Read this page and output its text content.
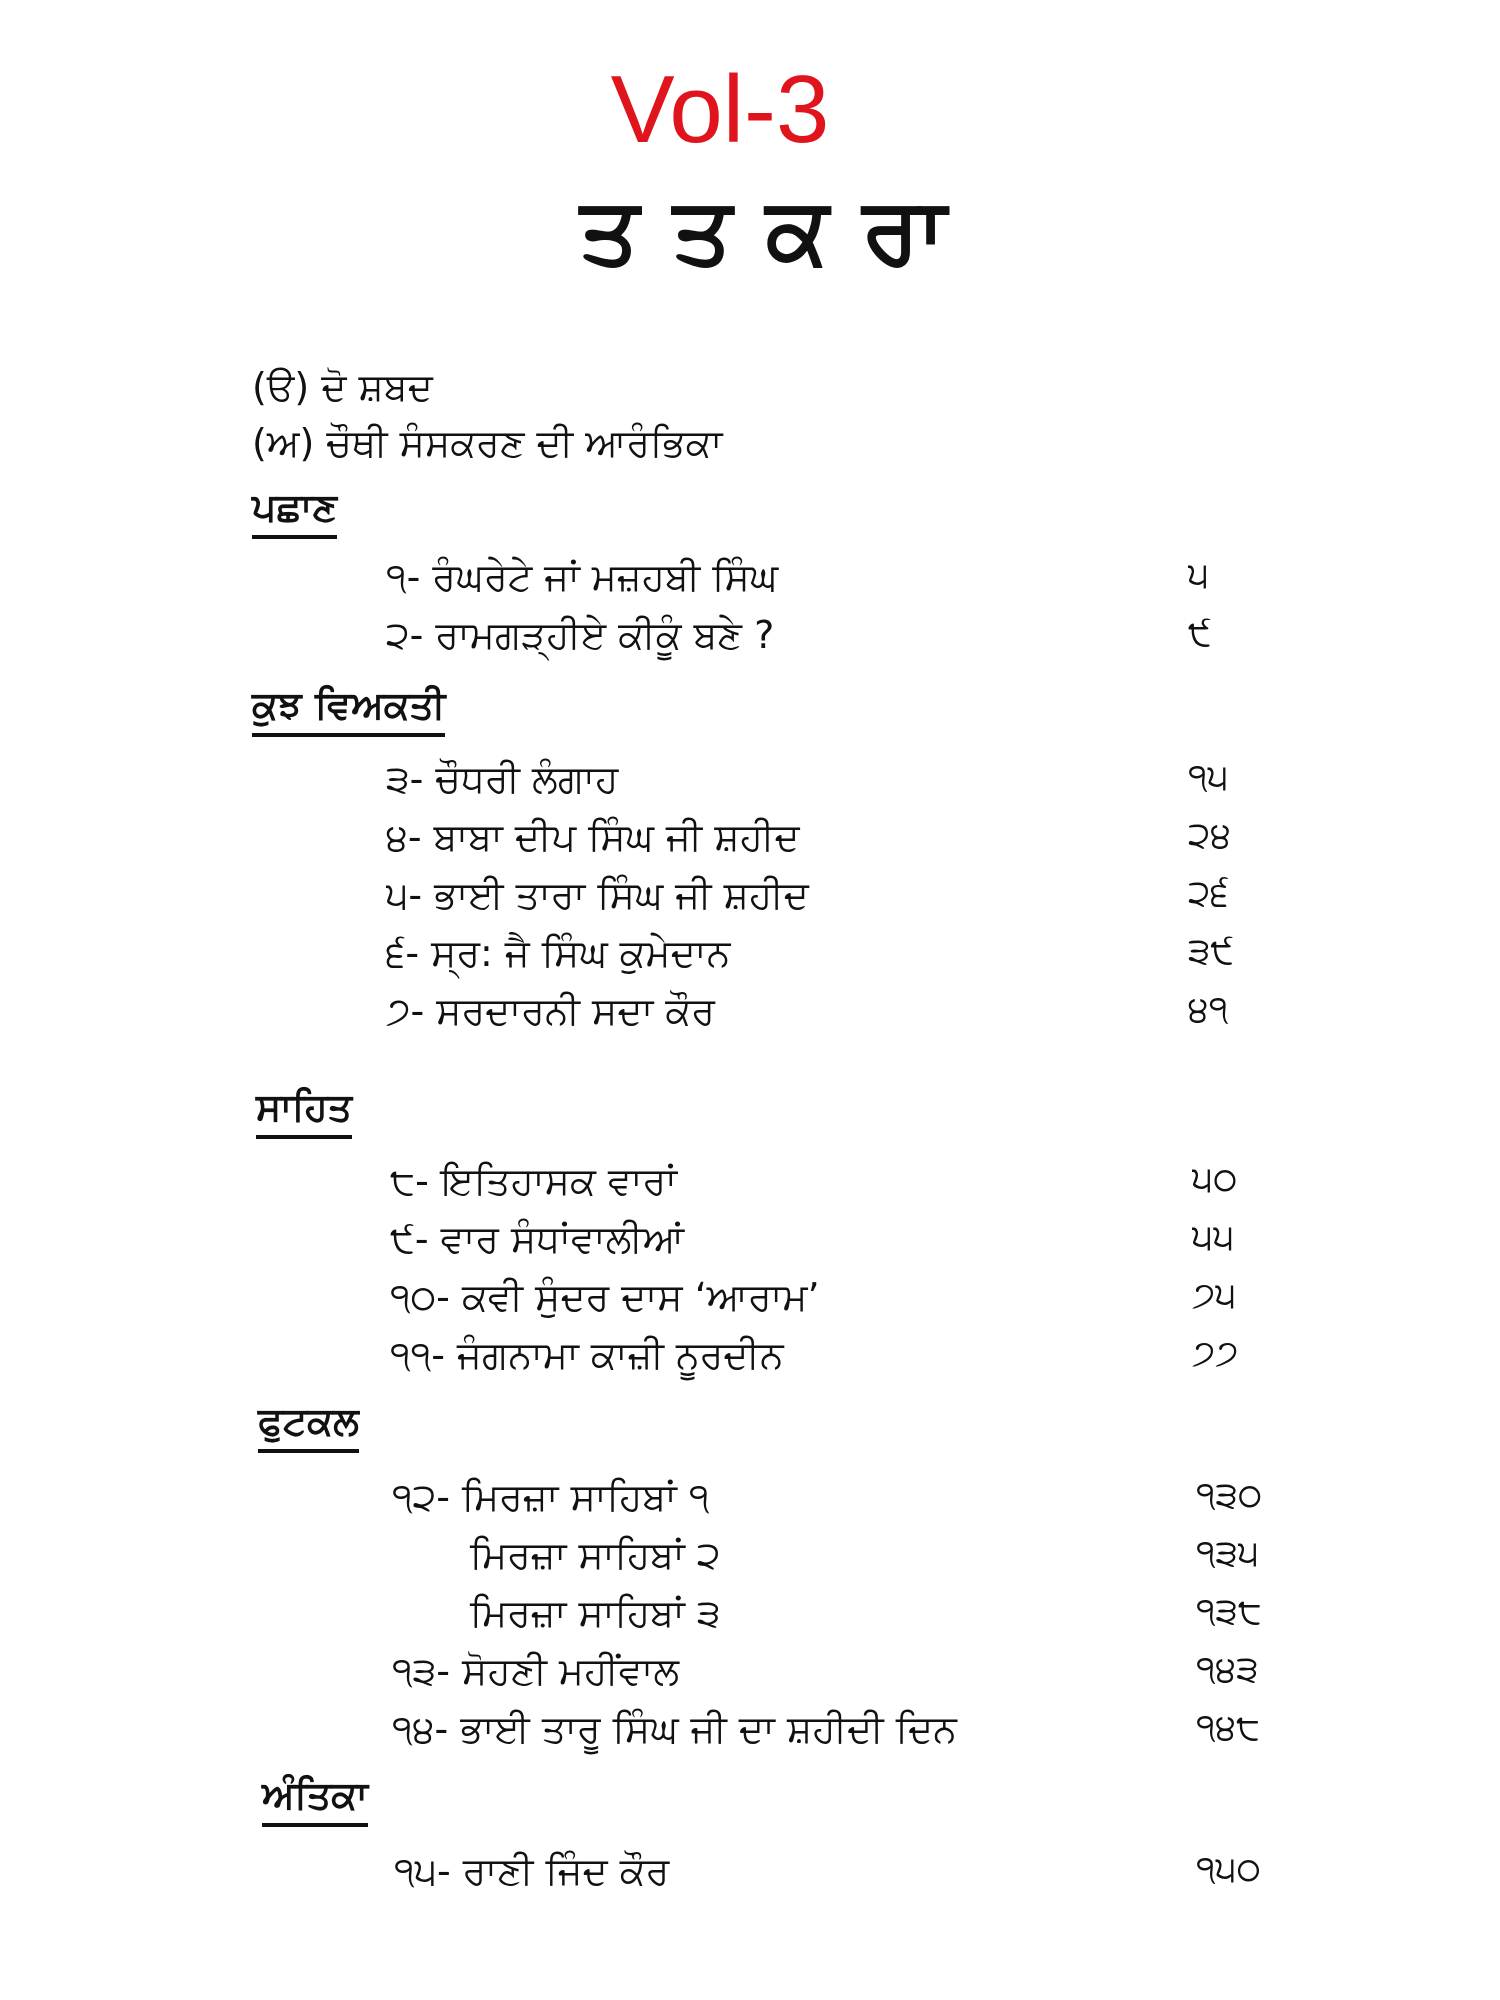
Vol-3
ਤਤਕਰਾ
(ੳ) ਦੋ ਸ਼ਬਦ
(ਅ) ਚੌਥੀ ਸੰਸਕਰਣ ਦੀ ਆਰੰਭਿਕਾ
ਪਛਾਣ
੧- ਰੰਘਰੇਟੇ ਜਾਂ ਮਜ਼ਹਬੀ ਸਿੰਘ	੫
੨- ਰਾਮਗੜ੍ਹੀਏ ਕੀਕੂੰ ਬਣੇ ?	੯
ਕੁਝ ਵਿਅਕਤੀ
੩- ਚੌਧਰੀ ਲੰਗਾਹ	੧੫
੪- ਬਾਬਾ ਦੀਪ ਸਿੰਘ ਜੀ ਸ਼ਹੀਦ	੨੪
੫- ਭਾਈ ਤਾਰਾ ਸਿੰਘ ਜੀ ਸ਼ਹੀਦ	੨੬
੬- ਸ੍ਰ: ਜੈ ਸਿੰਘ ਕੁਮੇਦਾਨ	੩੯
੭- ਸਰਦਾਰਨੀ ਸਦਾ ਕੌਰ	੪੧
ਸਾਹਿਤ
੮- ਇਤਿਹਾਸਕ ਵਾਰਾਂ	੫੦
੯- ਵਾਰ ਸੰਧਾਂਵਾਲੀਆਂ	੫੫
੧੦- ਕਵੀ ਸੁੰਦਰ ਦਾਸ ‘ਆਰਾਮ’	੭੫
੧੧- ਜੰਗਨਾਮਾ ਕਾਜ਼ੀ ਨੂਰਦੀਨ	੭੭
ਫੁਟਕਲ
੧੨- ਮਿਰਜ਼ਾ ਸਾਹਿਬਾਂ ੧	੧੩੦
ਮਿਰਜ਼ਾ ਸਾਹਿਬਾਂ ੨	੧੩੫
ਮਿਰਜ਼ਾ ਸਾਹਿਬਾਂ ੩	੧੩੮
੧੩- ਸੋਹਣੀ ਮਹੀਂਵਾਲ	੧੪੩
੧੪- ਭਾਈ ਤਾਰੂ ਸਿੰਘ ਜੀ ਦਾ ਸ਼ਹੀਦੀ ਦਿਨ	੧੪੮
ਅੰਤਿਕਾ
੧੫- ਰਾਣੀ ਜਿੰਦ ਕੌਰ	੧੫੦
